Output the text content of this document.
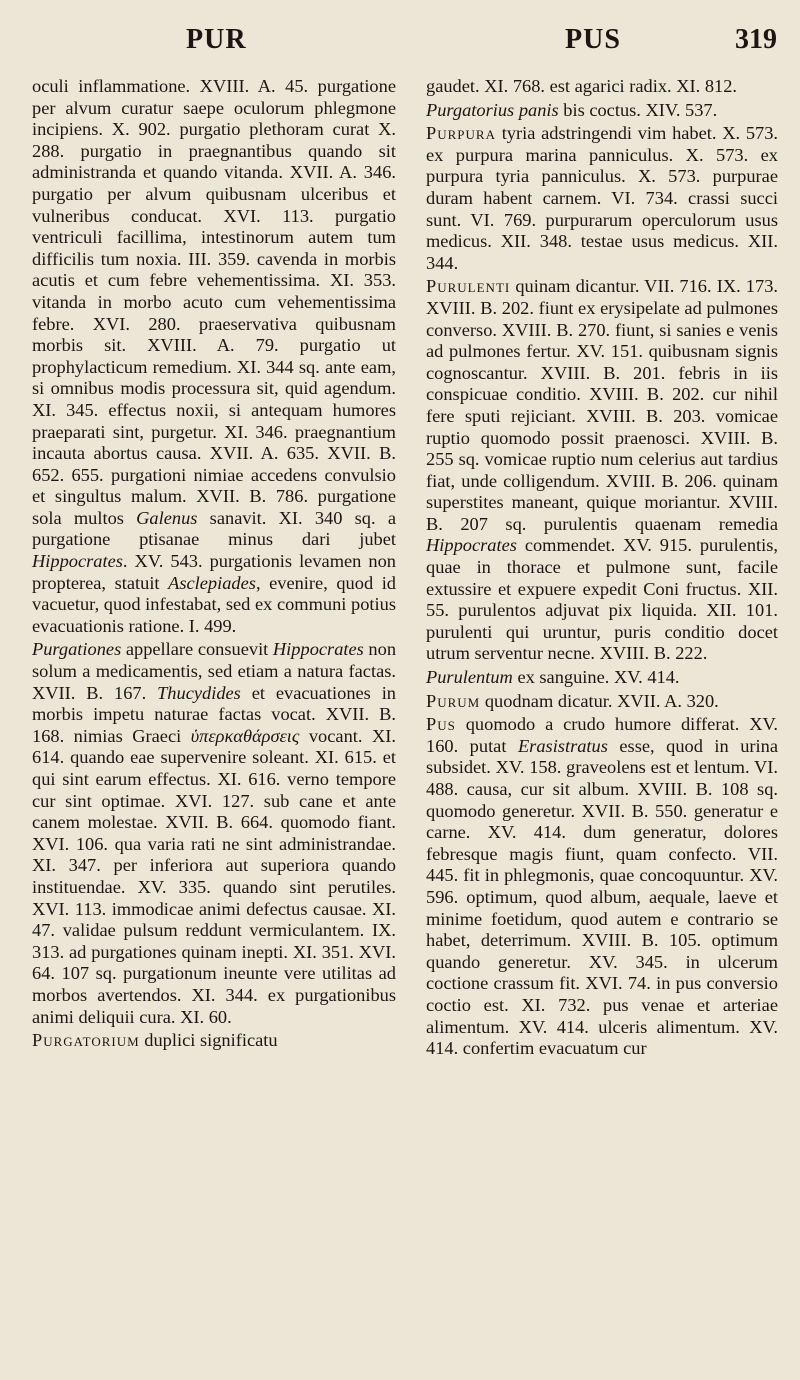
PUR	PUS	319

oculi inflammatione. XVIII. A. 45. purgatione per alvum curatur saepe oculorum phlegmone incipiens. X. 902. purgatio plethoram curat X. 288. purgatio in praegnantibus quando sit administranda et quando vitanda. XVII. A. 346. purgatio per alvum quibusnam ulceribus et vulneribus conducat. XVI. 113. purgatio ventriculi facillima, intestinorum autem tum difficilis tum noxia. III. 359. cavenda in morbis acutis et cum febre vehementissima. XI. 353. vitanda in morbo acuto cum vehementissima febre. XVI. 280. praeservativa quibusnam morbis sit. XVIII. A. 79. purgatio ut prophylacticum remedium. XI. 344 sq. ante eam, si omnibus modis processura sit, quid agendum. XI. 345. effectus noxii, si antequam humores praeparati sint, purgetur. XI. 346. praegnantium incauta abortus causa. XVII. A. 635. XVII. B. 652. 655. purgationi nimiae accedens convulsio et singultus malum. XVII. B. 786. purgatione sola multos Galenus sanavit. XI. 340 sq. a purgatione ptisanae minus dari jubet Hippocrates. XV. 543. purgationis levamen non propterea, statuit Asclepiades, evenire, quod id vacuetur, quod infestabat, sed ex communi potius evacuationis ratione. I. 499.

Purgationes appellare consuevit Hippocrates non solum a medicamentis, sed etiam a natura factas. XVII. B. 167. Thucydides et evacuationes in morbis impetu naturae factas vocat. XVII. B. 168. nimias Graeci ὑπερκαθάρσεις vocant. XI. 614. quando eae supervenire soleant. XI. 615. et qui sint earum effectus. XI. 616. verno tempore cur sint optimae. XVI. 127. sub cane et ante canem molestae. XVII. B. 664. quomodo fiant. XVI. 106. qua varia rati ne sint administrandae. XI. 347. per inferiora aut superiora quando instituendae. XV. 335. quando sint perutiles. XVI. 113. immodicae animi defectus causae. XI. 47. validae pulsum reddunt vermiculantem. IX. 313. ad purgationes quinam inepti. XI. 351. XVI. 64. 107 sq. purgationum ineunte vere utilitas ad morbos avertendos. XI. 344. ex purgationibus animi deliquii cura. XI. 60.

Purgatorium duplici significatu

gaudet. XI. 768. est agarici radix. XI. 812.

Purgatorius panis bis coctus. XIV. 537.

Purpura tyria adstringendi vim habet. X. 573. ex purpura marina panniculus. X. 573. ex purpura tyria panniculus. X. 573. purpurae duram habent carnem. VI. 734. crassi succi sunt. VI. 769. purpurarum operculorum usus medicus. XII. 348. testae usus medicus. XII. 344.

Purulenti quinam dicantur. VII. 716. IX. 173. XVIII. B. 202. fiunt ex erysipelate ad pulmones converso. XVIII. B. 270. fiunt, si sanies e venis ad pulmones fertur. XV. 151. quibusnam signis cognoscantur. XVIII. B. 201. febris in iis conspicuae conditio. XVIII. B. 202. cur nihil fere sputi rejiciant. XVIII. B. 203. vomicae ruptio quomodo possit praenosci. XVIII. B. 255 sq. vomicae ruptio num celerius aut tardius fiat, unde colligendum. XVIII. B. 206. quinam superstites maneant, quique moriantur. XVIII. B. 207 sq. purulentis quaenam remedia Hippocrates commendet. XV. 915. purulentis, quae in thorace et pulmone sunt, facile extussire et expuere expedit Coni fructus. XII. 55. purulentos adjuvat pix liquida. XII. 101. purulenti qui uruntur, puris conditio docet utrum serventur necne. XVIII. B. 222.

Purulentum ex sanguine. XV. 414.

Purum quodnam dicatur. XVII. A. 320.

Pus quomodo a crudo humore differat. XV. 160. putat Erasistratus esse, quod in urina subsidet. XV. 158. graveolens est et lentum. VI. 488. causa, cur sit album. XVIII. B. 108 sq. quomodo generetur. XVII. B. 550. generatur e carne. XV. 414. dum generatur, dolores febresque magis fiunt, quam confecto. VII. 445. fit in phlegmonis, quae concoquuntur. XV. 596. optimum, quod album, aequale, laeve et minime foetidum, quod autem e contrario se habet, deterrimum. XVIII. B. 105. optimum quando generetur. XV. 345. in ulcerum coctione crassum fit. XVI. 74. in pus conversio coctio est. XI. 732. pus venae et arteriae alimentum. XV. 414. ulceris alimentum. XV. 414. confertim evacuatum cur
